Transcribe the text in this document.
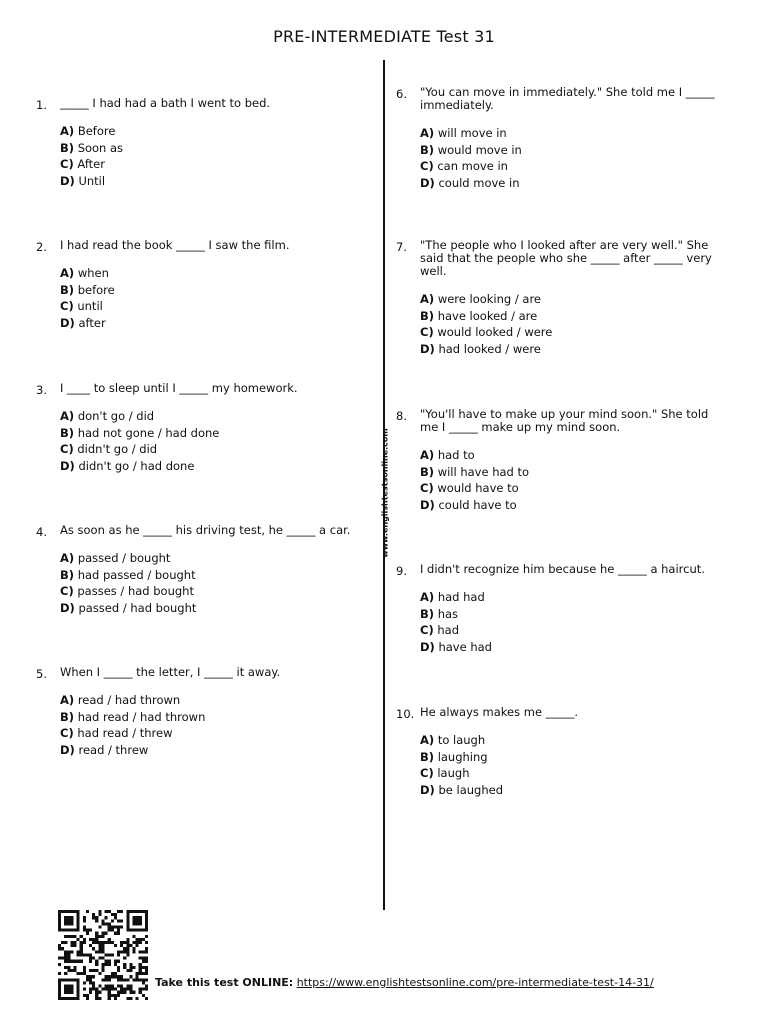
PRE-INTERMEDIATE Test 31
www.englishtestsonline.com
1. _____ I had had a bath I went to bed.
A) Before
B) Soon as
C) After
D) Until
2. I had read the book _____ I saw the film.
A) when
B) before
C) until
D) after
3. I ____ to sleep until I _____ my homework.
A) don't go / did
B) had not gone / had done
C) didn't go / did
D) didn't go / had done
4. As soon as he _____ his driving test, he _____ a car.
A) passed / bought
B) had passed / bought
C) passes / had bought
D) passed / had bought
5. When I _____ the letter, I _____ it away.
A) read / had thrown
B) had read / had thrown
C) had read / threw
D) read / threw
6. "You can move in immediately." She told me I _____ immediately.
A) will move in
B) would move in
C) can move in
D) could move in
7. "The people who I looked after are very well." She said that the people who she _____ after _____ very well.
A) were looking / are
B) have looked / are
C) would looked / were
D) had looked / were
8. "You'll have to make up your mind soon." She told me I _____ make up my mind soon.
A) had to
B) will have had to
C) would have to
D) could have to
9. I didn't recognize him because he _____ a haircut.
A) had had
B) has
C) had
D) have had
10. He always makes me _____.
A) to laugh
B) laughing
C) laugh
D) be laughed
Take this test ONLINE: https://www.englishtestsonline.com/pre-intermediate-test-14-31/
